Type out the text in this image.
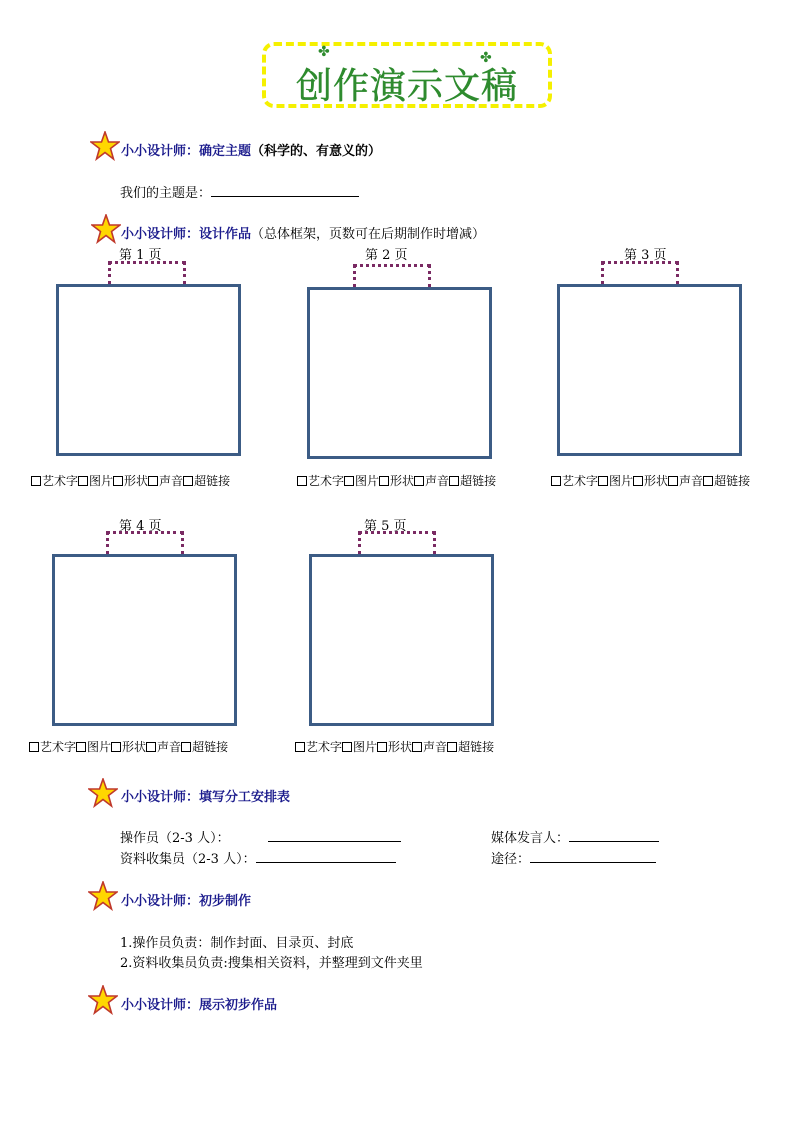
✤	✤
创作演示文稿
小小设计师：确定主题（科学的、有意义的）
我们的主题是：
小小设计师：设计作品（总体框架，页数可在后期制作时增减）
第 1 页
艺术字 图片 形状 声音 超链接
第 2 页
艺术字 图片 形状 声音 超链接
第 3 页
艺术字 图片 形状 声音 超链接
第 4 页
艺术字 图片 形状 声音 超链接
第 5 页
艺术字 图片 形状 声音 超链接
小小设计师：填写分工安排表
操作员（2-3 人）：	媒体发言人：
资料收集员（2-3 人）：	途径：
小小设计师：初步制作
1.操作员负责：制作封面、目录页、封底
2.资料收集员负责:搜集相关资料，并整理到文件夹里
小小设计师：展示初步作品
